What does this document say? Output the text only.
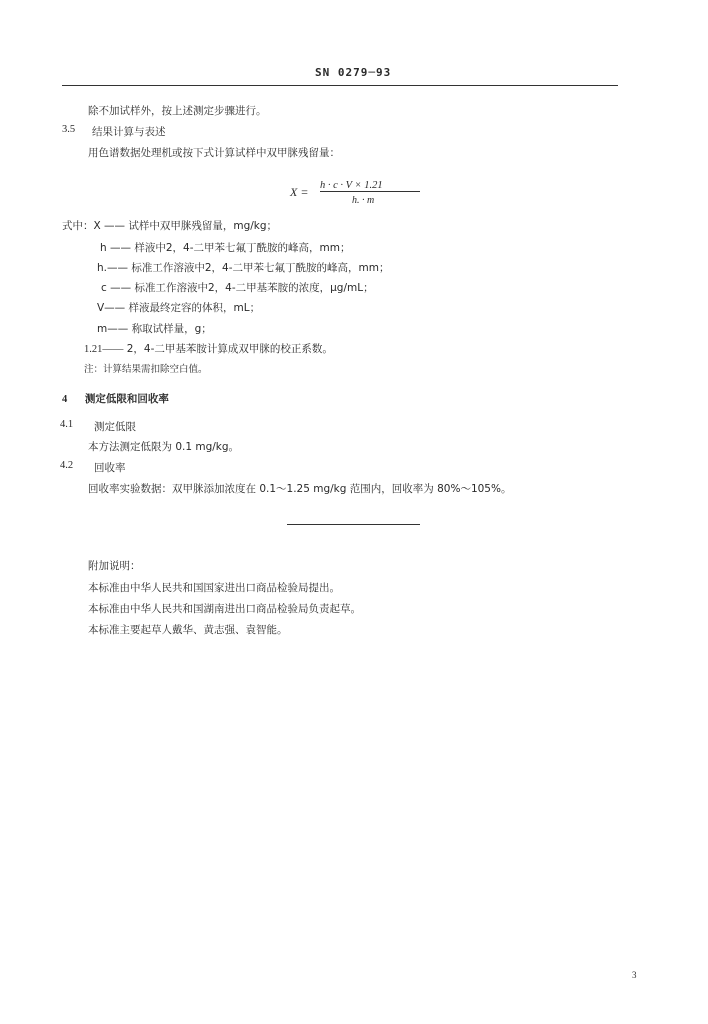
SN 0279─93
除不加试样外，按上述测定步骤进行。
3.5 结果计算与表述
用色谱数据处理机或按下式计算试样中双甲脒残留量：
X = h · c · V × 1.21
h. · m
式中：X —— 试样中双甲脒残留量，mg/kg；
h —— 样液中2，4-二甲苯七氟丁酰胺的峰高，mm；
h.—— 标准工作溶液中2，4-二甲苯七氟丁酰胺的峰高，mm；
c —— 标准工作溶液中2，4-二甲基苯胺的浓度，μg/mL；
V—— 样液最终定容的体积，mL；
m—— 称取试样量，g；
1.21—— 2，4-二甲基苯胺计算成双甲脒的校正系数。
注：计算结果需扣除空白值。
4 测定低限和回收率
4.1 测定低限
本方法测定低限为 0.1 mg/kg。
4.2 回收率
回收率实验数据：双甲脒添加浓度在 0.1～1.25 mg/kg 范围内，回收率为 80%～105%。
附加说明：
本标准由中华人民共和国国家进出口商品检验局提出。
本标准由中华人民共和国湖南进出口商品检验局负责起草。
本标准主要起草人戴华、黄志强、袁智能。
3
